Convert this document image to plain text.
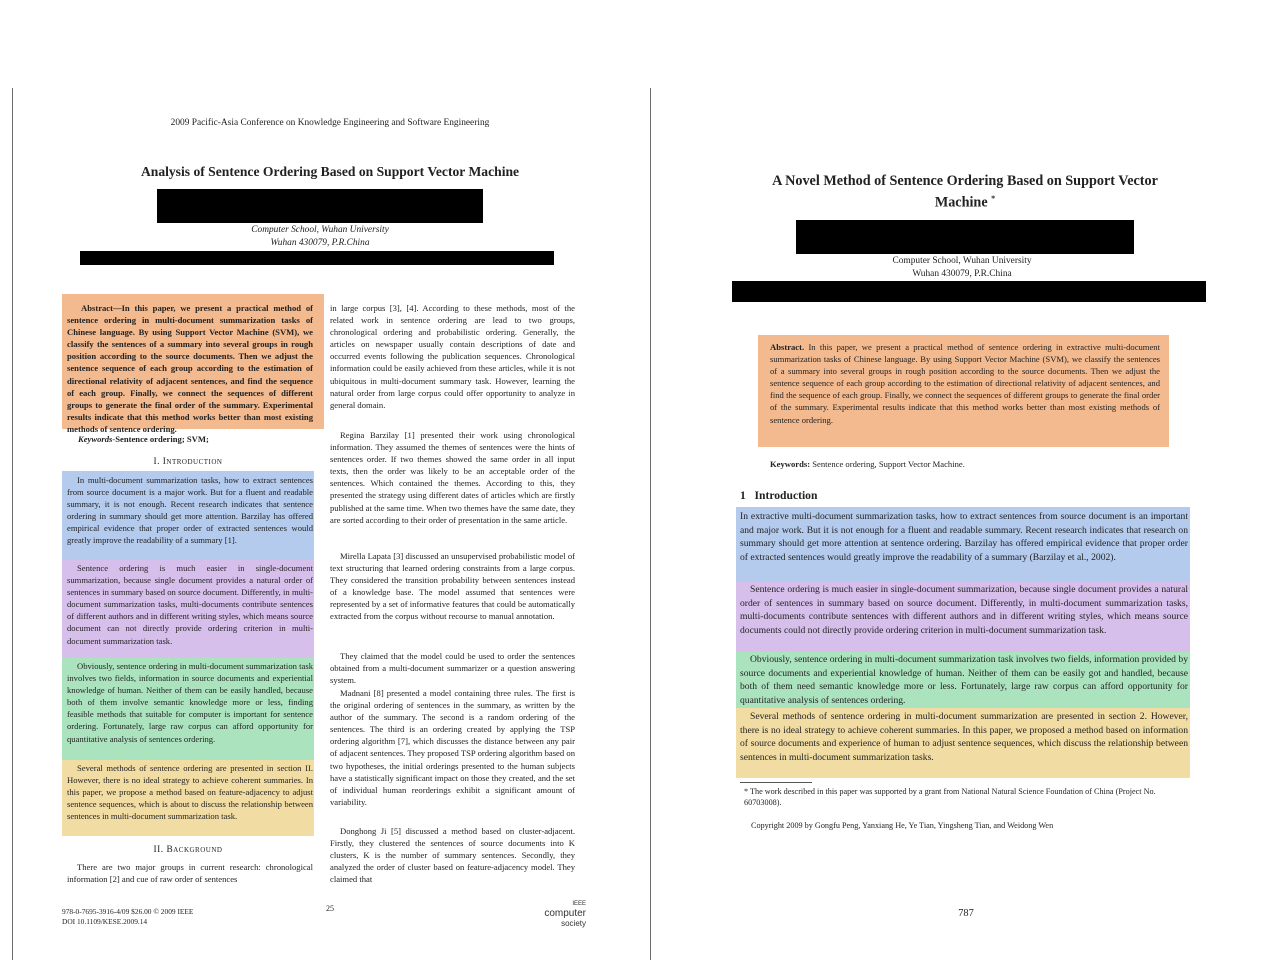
2009 Pacific-Asia Conference on Knowledge Engineering and Software Engineering
Analysis of Sentence Ordering Based on Support Vector Machine
Computer School, Wuhan University
Wuhan 430079, P.R.China
Abstract—In this paper, we present a practical method of sentence ordering in multi-document summarization tasks of Chinese language. By using Support Vector Machine (SVM), we classify the sentences of a summary into several groups in rough position according to the source documents. Then we adjust the sentence sequence of each group according to the estimation of directional relativity of adjacent sentences, and find the sequence of each group. Finally, we connect the sequences of different groups to generate the final order of the summary. Experimental results indicate that this method works better than most existing methods of sentence ordering.
Keywords-Sentence ordering; SVM;
I. Introduction
In multi-document summarization tasks, how to extract sentences from source document is a major work. But for a fluent and readable summary, it is not enough. Recent research indicates that sentence ordering in summary should get more attention. Barzilay has offered empirical evidence that proper order of extracted sentences would greatly improve the readability of a summary [1].
Sentence ordering is much easier in single-document summarization, because single document provides a natural order of sentences in summary based on source document. Differently, in multi-document summarization tasks, multi-documents contribute sentences of different authors and in different writing styles, which means source document can not directly provide ordering criterion in multi-document summarization task.
Obviously, sentence ordering in multi-document summarization task involves two fields, information in source documents and experiential knowledge of human. Neither of them can be easily handled, because both of them involve semantic knowledge more or less, finding feasible methods that suitable for computer is important for sentence ordering. Fortunately, large raw corpus can afford opportunity for quantitative analysis of sentences ordering.
Several methods of sentence ordering are presented in section II. However, there is no ideal strategy to achieve coherent summaries. In this paper, we propose a method based on feature-adjacency to adjust sentence sequences, which is about to discuss the relationship between sentences in multi-document summarization task.
II. Background
There are two major groups in current research: chronological information [2] and cue of raw order of sentences
in large corpus [3], [4]. According to these methods, most of the related work in sentence ordering are lead to two groups, chronological ordering and probabilistic ordering. Generally, the articles on newspaper usually contain descriptions of date and occurred events following the publication sequences. Chronological information could be easily achieved from these articles, while it is not ubiquitous in multi-document summary task. However, learning the natural order from large corpus could offer opportunity to analyze in general domain.
Regina Barzilay [1] presented their work using chronological information. They assumed the themes of sentences were the hints of sentences order. If two themes showed the same order in all input texts, then the order was likely to be an acceptable order of the sentences. Which contained the themes. According to this, they presented the strategy using different dates of articles which are firstly published at the same time. When two themes have the same date, they are sorted according to their order of presentation in the same article.
Mirella Lapata [3] discussed an unsupervised probabilistic model of text structuring that learned ordering constraints from a large corpus. They considered the transition probability between sentences instead of a knowledge base. The model assumed that sentences were represented by a set of informative features that could be automatically extracted from the corpus without recourse to manual annotation.
They claimed that the model could be used to order the sentences obtained from a multi-document summarizer or a question answering system.
Madnani [8] presented a model containing three rules. The first is the original ordering of sentences in the summary, as written by the author of the summary. The second is a random ordering of the sentences. The third is an ordering created by applying the TSP ordering algorithm [7], which discusses the distance between any pair of adjacent sentences. They proposed TSP ordering algorithm based on two hypotheses, the initial orderings presented to the human subjects have a statistically significant impact on those they created, and the set of individual human reorderings exhibit a significant amount of variability.
Donghong Ji [5] discussed a method based on cluster-adjacent. Firstly, they clustered the sentences of source documents into K clusters, K is the number of summary sentences. Secondly, they analyzed the order of cluster based on feature-adjacency model. They claimed that
978-0-7695-3916-4/09 $26.00 © 2009 IEEE
DOI 10.1109/KESE.2009.14
25	IEEE
computer
society
A Novel Method of Sentence Ordering Based on Support Vector
Machine *
Computer School, Wuhan University
Wuhan 430079, P.R.China
Abstract. In this paper, we present a practical method of sentence ordering in extractive multi-document summarization tasks of Chinese language. By using Support Vector Machine (SVM), we classify the sentences of a summary into several groups in rough position according to the source documents. Then we adjust the sentence sequence of each group according to the estimation of directional relativity of adjacent sentences, and find the sequence of each group. Finally, we connect the sequences of different groups to generate the final order of the summary. Experimental results indicate that this method works better than most existing methods of sentence ordering.
Keywords: Sentence ordering, Support Vector Machine.
1   Introduction
In extractive multi-document summarization tasks, how to extract sentences from source document is an important and major work. But it is not enough for a fluent and readable summary. Recent research indicates that research on summary should get more attention at sentence ordering. Barzilay has offered empirical evidence that proper order of extracted sentences would greatly improve the readability of a summary (Barzilay et al., 2002).
Sentence ordering is much easier in single-document summarization, because single document provides a natural order of sentences in summary based on source document. Differently, in multi-document summarization tasks, multi-documents contribute sentences with different authors and in different writing styles, which means source documents could not directly provide ordering criterion in multi-document summarization task.
Obviously, sentence ordering in multi-document summarization task involves two fields, information provided by source documents and experiential knowledge of human. Neither of them can be easily got and handled, because both of them need semantic knowledge more or less. Fortunately, large raw corpus can afford opportunity for quantitative analysis of sentences ordering.
Several methods of sentence ordering in multi-document summarization are presented in section 2. However, there is no ideal strategy to achieve coherent summaries. In this paper, we proposed a method based on information of source documents and experience of human to adjust sentence sequences, which discuss the relationship between sentences in multi-document summarization tasks.
* The work described in this paper was supported by a grant from National Natural Science Foundation of China (Project No. 60703008).
Copyright 2009 by Gongfu Peng, Yanxiang He, Ye Tian, Yingsheng Tian, and Weidong Wen
787
